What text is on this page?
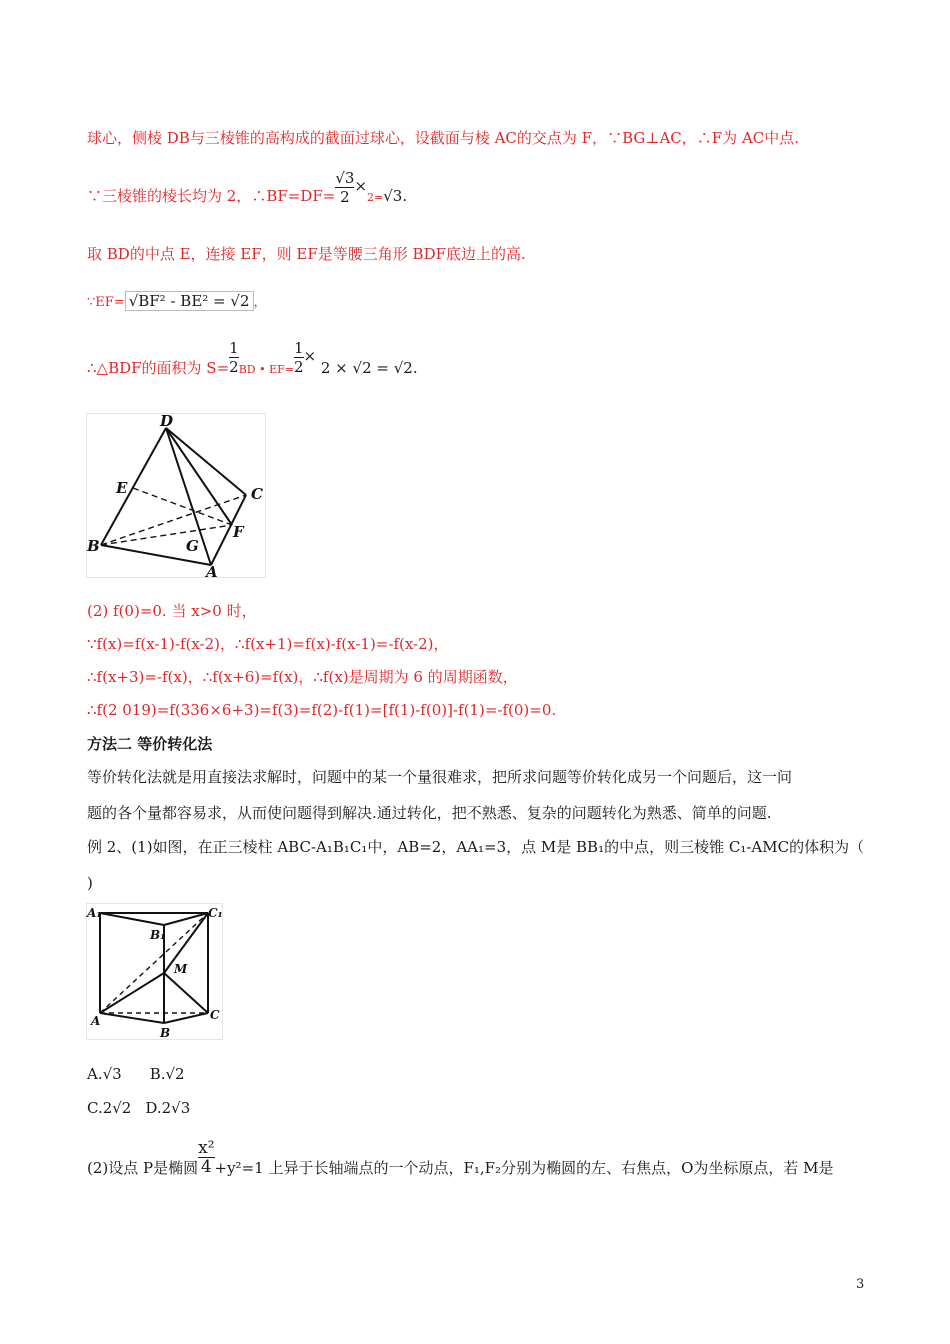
球心，侧棱 DB与三棱锥的高构成的截面过球心，设截面与棱 AC的交点为 F，∵BG⊥AC，∴F为 AC中点.
∵三棱锥的棱长均为 2，∴BF=DF= $\frac{√3}{2} \times 2=√3$.
取 BD的中点 E，连接 EF，则 EF是等腰三角形 BDF底边上的高.
∵EF= √BF² - BE² = √2 ，
∴△BDF的面积为 $S= \frac{1}{2}$ BD • $EF= \frac{1}{2} \times 2 \times √2 = √2$.
D
E	C
B	G
F
A
(2) f(0)=0. 当 x>0 时，
∵f(x)=f(x-1)-f(x-2)，∴f(x+1)=f(x)-f(x-1)=-f(x-2)，
∴f(x+3)=-f(x)，∴f(x+6)=f(x)，∴f(x)是周期为 6 的周期函数，
∴f(2 019)=f(336×6+3)=f(3)=f(2)-f(1)=[f(1)-f(0)]-f(1)=-f(0)=0.
方法二 等价转化法
等价转化法就是用直接法求解时，问题中的某一个量很难求，把所求问题等价转化成另一个问题后，这一问
题的各个量都容易求，从而使问题得到解决.通过转化，把不熟悉、复杂的问题转化为熟悉、简单的问题.
例 2、(1)如图，在正三棱柱 ABC-A₁B₁C₁中，AB=2，AA₁=3，点 M是 BB₁的中点，则三棱锥 C₁-AMC的体积为（
)
A₁	C₁
B₁
M
A
B
C
A.√3 B.√2
C.2√2 D.2√3
(2)设点 P是椭圆 $\frac{\text{x²}}{4} +y^2=1$ 上异于长轴端点的一个动点，F₁,F₂分别为椭圆的左、右焦点，O为坐标原点，若 M是
3
